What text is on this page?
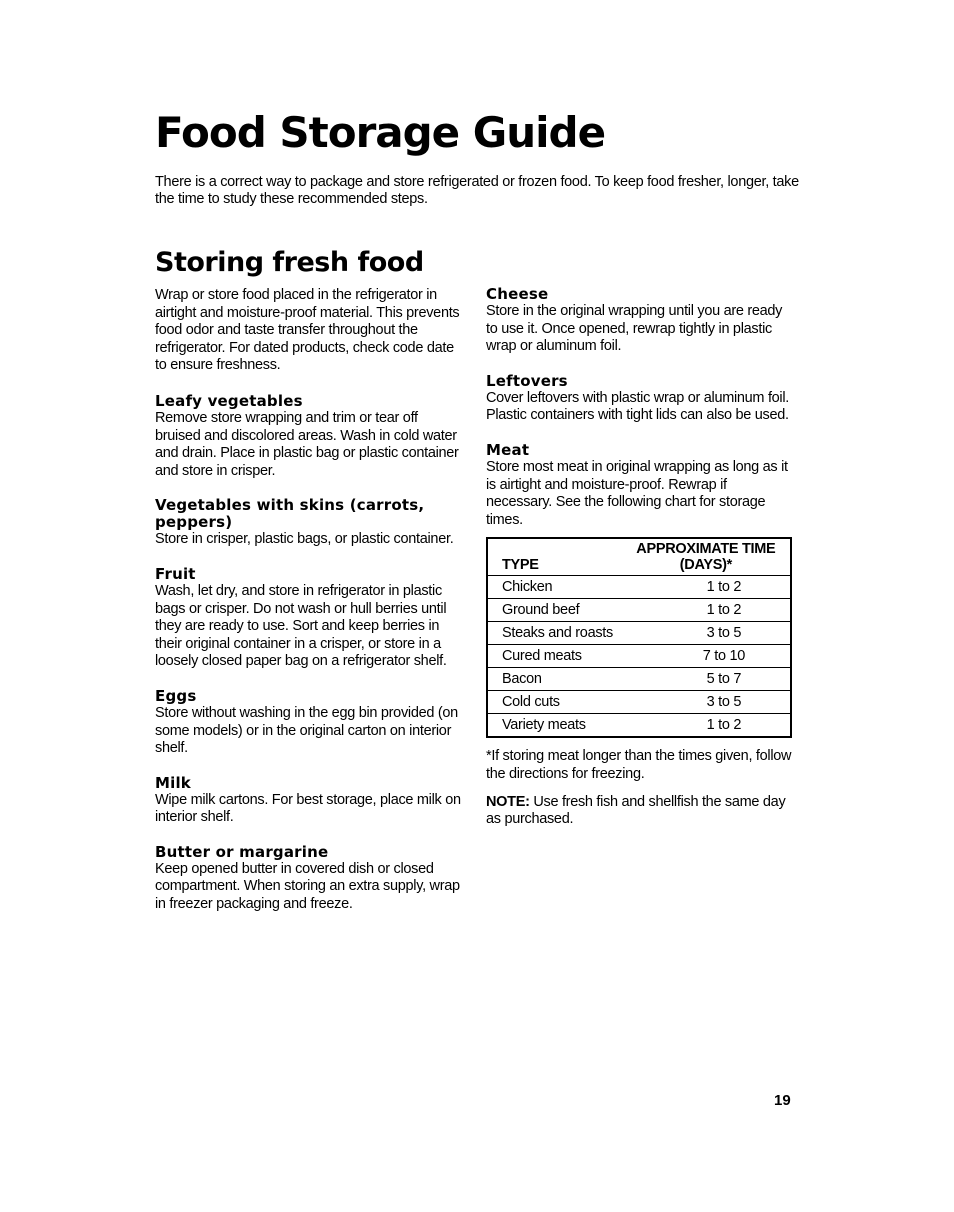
Food Storage Guide

There is a correct way to package and store refrigerated or frozen food. To keep food fresher, longer, take the time to study these recommended steps.

Storing fresh food

Wrap or store food placed in the refrigerator in airtight and moisture-proof material. This prevents food odor and taste transfer throughout the refrigerator. For dated products, check code date to ensure freshness.

Leafy vegetables

Remove store wrapping and trim or tear off bruised and discolored areas. Wash in cold water and drain. Place in plastic bag or plastic container and store in crisper.

Vegetables with skins (carrots, peppers)

Store in crisper, plastic bags, or plastic container.

Fruit

Wash, let dry, and store in refrigerator in plastic bags or crisper. Do not wash or hull berries until they are ready to use. Sort and keep berries in their original container in a crisper, or store in a loosely closed paper bag on a refrigerator shelf.

Eggs

Store without washing in the egg bin provided (on some models) or in the original carton on interior shelf.

Milk

Wipe milk cartons. For best storage, place milk on interior shelf.

Butter or margarine

Keep opened butter in covered dish or closed compartment. When storing an extra supply, wrap in freezer packaging and freeze.

Cheese

Store in the original wrapping until you are ready to use it. Once opened, rewrap tightly in plastic wrap or aluminum foil.

Leftovers

Cover leftovers with plastic wrap or aluminum foil. Plastic containers with tight lids can also be used.

Meat

Store most meat in original wrapping as long as it is airtight and moisture-proof. Rewrap if necessary. See the following chart for storage times.

TYPE	APPROXIMATE TIME
(DAYS)*

Chicken	1 to 2
Ground beef	1 to 2
Steaks and roasts	3 to 5
Cured meats	7 to 10
Bacon	5 to 7
Cold cuts	3 to 5
Variety meats	1 to 2

*If storing meat longer than the times given, follow the directions for freezing.

NOTE: Use fresh fish and shellfish the same day as purchased.

19
